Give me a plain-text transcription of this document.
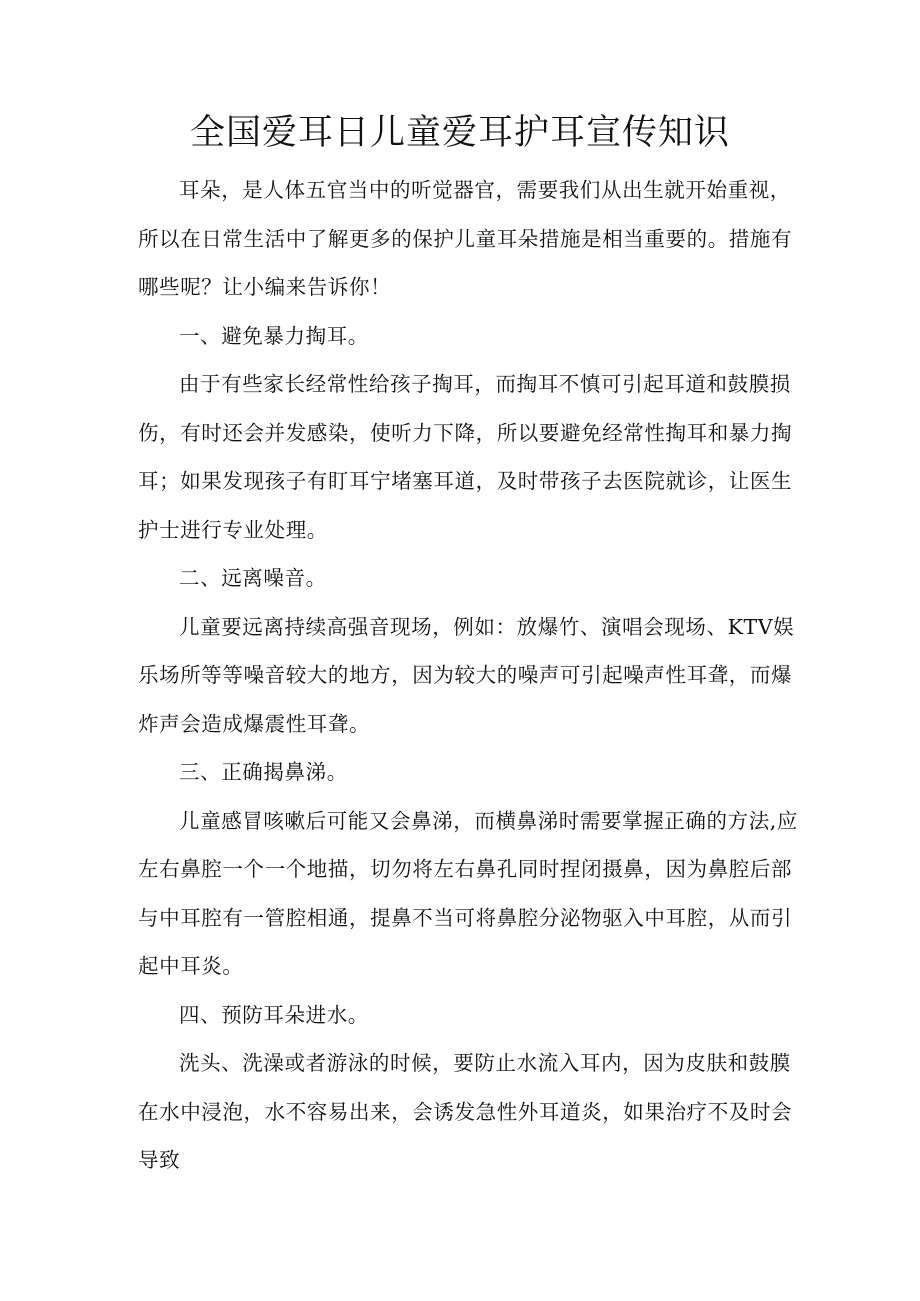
全国爱耳日儿童爱耳护耳宣传知识

耳朵，是人体五官当中的听觉器官，需要我们从出生就开始重视，所以在日常生活中了解更多的保护儿童耳朵措施是相当重要的。措施有哪些呢？让小编来告诉你！

一、避免暴力掏耳。

由于有些家长经常性给孩子掏耳，而掏耳不慎可引起耳道和鼓膜损伤，有时还会并发感染，使听力下降，所以要避免经常性掏耳和暴力掏耳；如果发现孩子有盯耳宁堵塞耳道，及时带孩子去医院就诊，让医生护士进行专业处理。

二、远离噪音。

儿童要远离持续高强音现场，例如：放爆竹、演唱会现场、KTV娱乐场所等等噪音较大的地方，因为较大的噪声可引起噪声性耳聋，而爆炸声会造成爆震性耳聋。

三、正确揭鼻涕。

儿童感冒咳嗽后可能又会鼻涕，而横鼻涕时需要掌握正确的方法,应左右鼻腔一个一个地描，切勿将左右鼻孔同时捏闭摄鼻，因为鼻腔后部与中耳腔有一管腔相通，提鼻不当可将鼻腔分泌物驱入中耳腔，从而引起中耳炎。

四、预防耳朵进水。

洗头、洗澡或者游泳的时候，要防止水流入耳内，因为皮肤和鼓膜在水中浸泡，水不容易出来，会诱发急性外耳道炎，如果治疗不及时会导致
